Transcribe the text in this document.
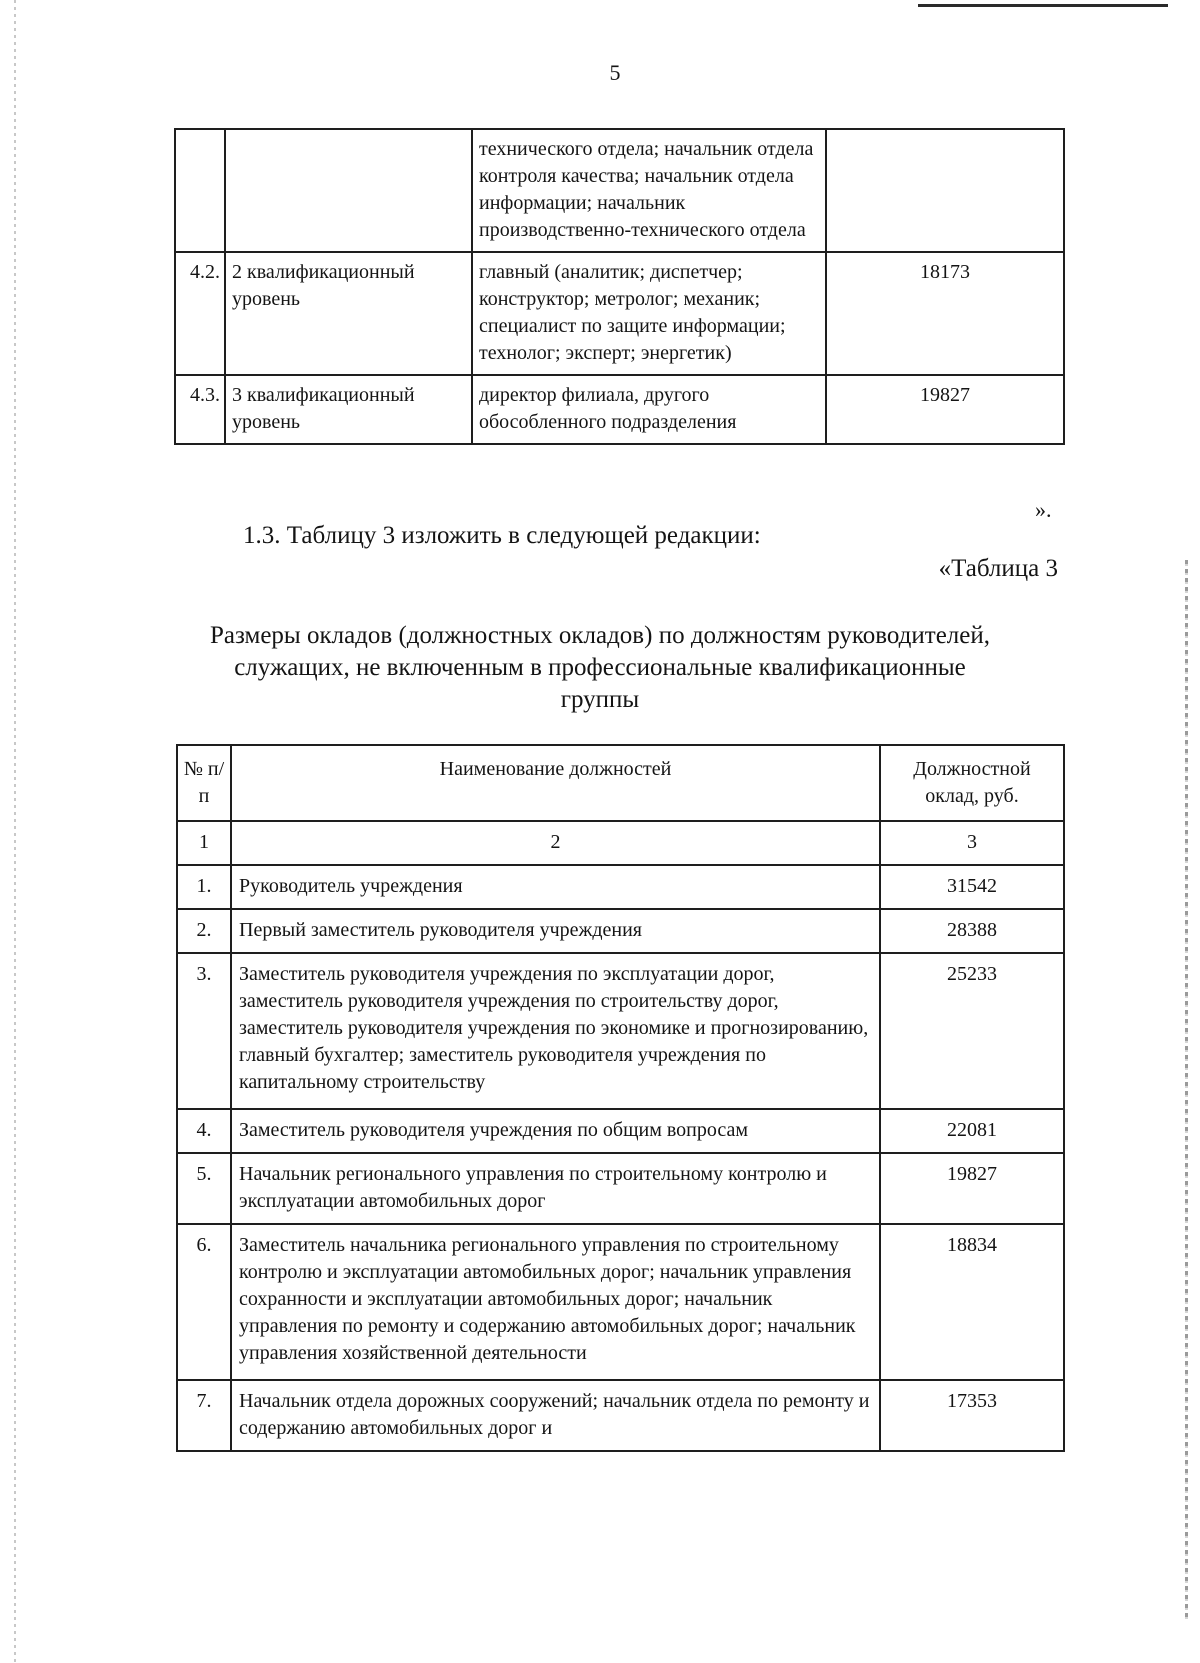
5
		технического отдела; начальник отдела контроля качества; начальник отдела информации; начальник производственно-технического отдела	
4.2.	2 квалификационный уровень	главный (аналитик; диспетчер; конструктор; метролог; механик; специалист по защите информации; технолог; эксперт; энергетик)	18173
4.3.	3 квалификационный уровень	директор филиала, другого обособленного подразделения	19827
».
1.3. Таблицу 3 изложить в следующей редакции:
«Таблица 3
Размеры окладов (должностных окладов) по должностям руководителей, служащих, не включенным в профессиональные квалификационные группы
№ п/п	Наименование должностей	Должностной оклад, руб.
1	2	3
1.	Руководитель учреждения	31542
2.	Первый заместитель руководителя учреждения	28388
3.	Заместитель руководителя учреждения по эксплуатации дорог, заместитель руководителя учреждения по строительству дорог, заместитель руководителя учреждения по экономике и прогнозированию, главный бухгалтер; заместитель руководителя учреждения по капитальному строительству	25233
4.	Заместитель руководителя учреждения по общим вопросам	22081
5.	Начальник регионального управления по строительному контролю и эксплуатации автомобильных дорог	19827
6.	Заместитель начальника регионального управления по строительному контролю и эксплуатации автомобильных дорог; начальник управления сохранности и эксплуатации автомобильных дорог; начальник управления по ремонту и содержанию автомобильных дорог; начальник управления хозяйственной деятельности	18834
7.	Начальник отдела дорожных сооружений; начальник отдела по ремонту и содержанию автомобильных дорог и	17353
